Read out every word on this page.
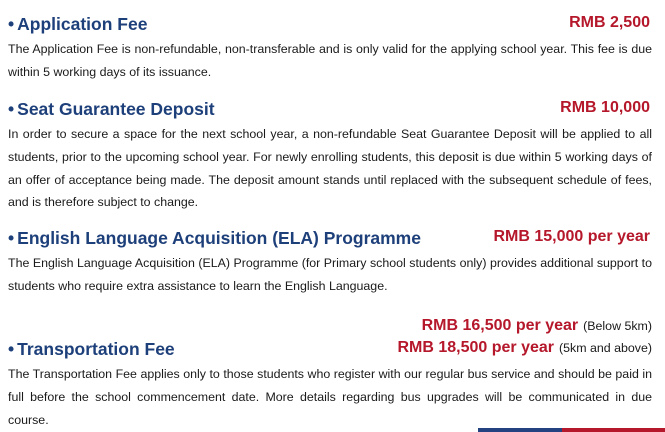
• Application Fee	RMB 2,500

The Application Fee is non-refundable, non-transferable and is only valid for the applying school year. This fee is due within 5 working days of its issuance.

• Seat Guarantee Deposit	RMB 10,000

In order to secure a space for the next school year, a non-refundable Seat Guarantee Deposit will be applied to all students, prior to the upcoming school year. For newly enrolling students, this deposit is due within 5 working days of an offer of acceptance being made. The deposit amount stands until replaced with the subsequent schedule of fees, and is therefore subject to change.

• English Language Acquisition (ELA) Programme	RMB 15,000 per year

The English Language Acquisition (ELA) Programme (for Primary school students only) provides additional support to students who require extra assistance to learn the English Language.

RMB 16,500 per year (Below 5km)
• Transportation Fee	RMB 18,500 per year (5km and above)

The Transportation Fee applies only to those students who register with our regular bus service and should be paid in full before the school commencement date. More details regarding bus upgrades will be communicated in due course.
